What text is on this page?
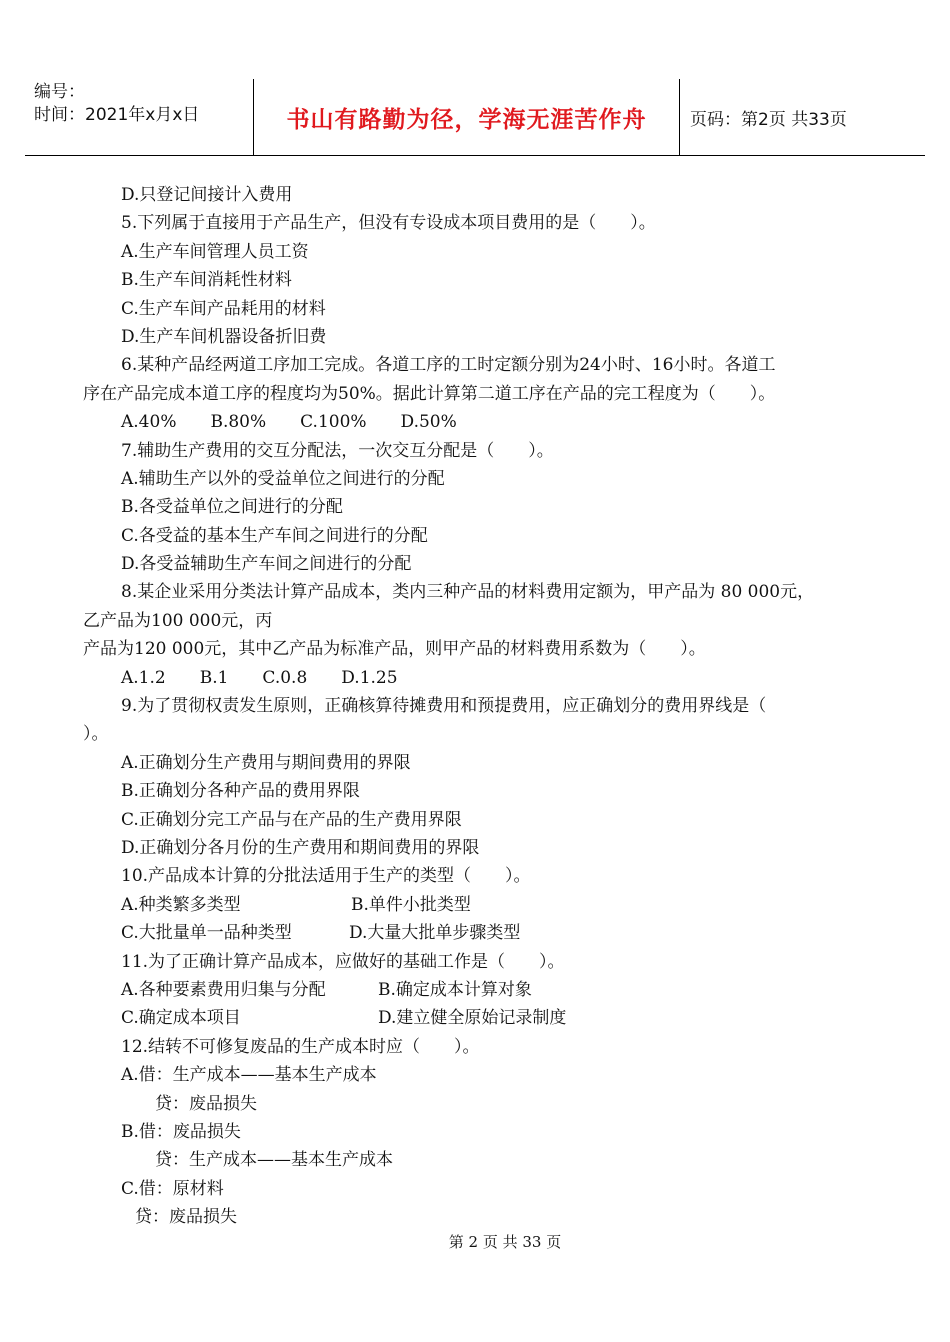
编号：
时间：2021年x月x日	书山有路勤为径，学海无涯苦作舟	页码：第2页 共33页
D.只登记间接计入费用
5.下列属于直接用于产品生产，但没有专设成本项目费用的是（　　）。
A.生产车间管理人员工资
B.生产车间消耗性材料
C.生产车间产品耗用的材料
D.生产车间机器设备折旧费
6.某种产品经两道工序加工完成。各道工序的工时定额分别为24小时、16小时。各道工
序在产品完成本道工序的程度均为50%。据此计算第二道工序在产品的完工程度为（　　）。
A.40%　　B.80%　　C.100%　　D.50%
7.辅助生产费用的交互分配法，一次交互分配是（　　）。
A.辅助生产以外的受益单位之间进行的分配
B.各受益单位之间进行的分配
C.各受益的基本生产车间之间进行的分配
D.各受益辅助生产车间之间进行的分配
8.某企业采用分类法计算产品成本，类内三种产品的材料费用定额为，甲产品为 80 000元，
乙产品为100 000元，丙
产品为120 000元，其中乙产品为标准产品，则甲产品的材料费用系数为（　　）。
A.1.2　　B.1　　C.0.8　　D.1.25
9.为了贯彻权责发生原则，正确核算待摊费用和预提费用，应正确划分的费用界线是（
）。
A.正确划分生产费用与期间费用的界限
B.正确划分各种产品的费用界限
C.正确划分完工产品与在产品的生产费用界限
D.正确划分各月份的生产费用和期间费用的界限
10.产品成本计算的分批法适用于生产的类型（　　）。
A.种类繁多类型	B.单件小批类型
C.大批量单一品种类型	D.大量大批单步骤类型
11.为了正确计算产品成本，应做好的基础工作是（　　）。
A.各种要素费用归集与分配	B.确定成本计算对象
C.确定成本项目	D.建立健全原始记录制度
12.结转不可修复废品的生产成本时应（　　）。
A.借：生产成本——基本生产成本
贷：废品损失
B.借：废品损失
贷：生产成本——基本生产成本
C.借：原材料
贷：废品损失
第 2 页 共 33 页
